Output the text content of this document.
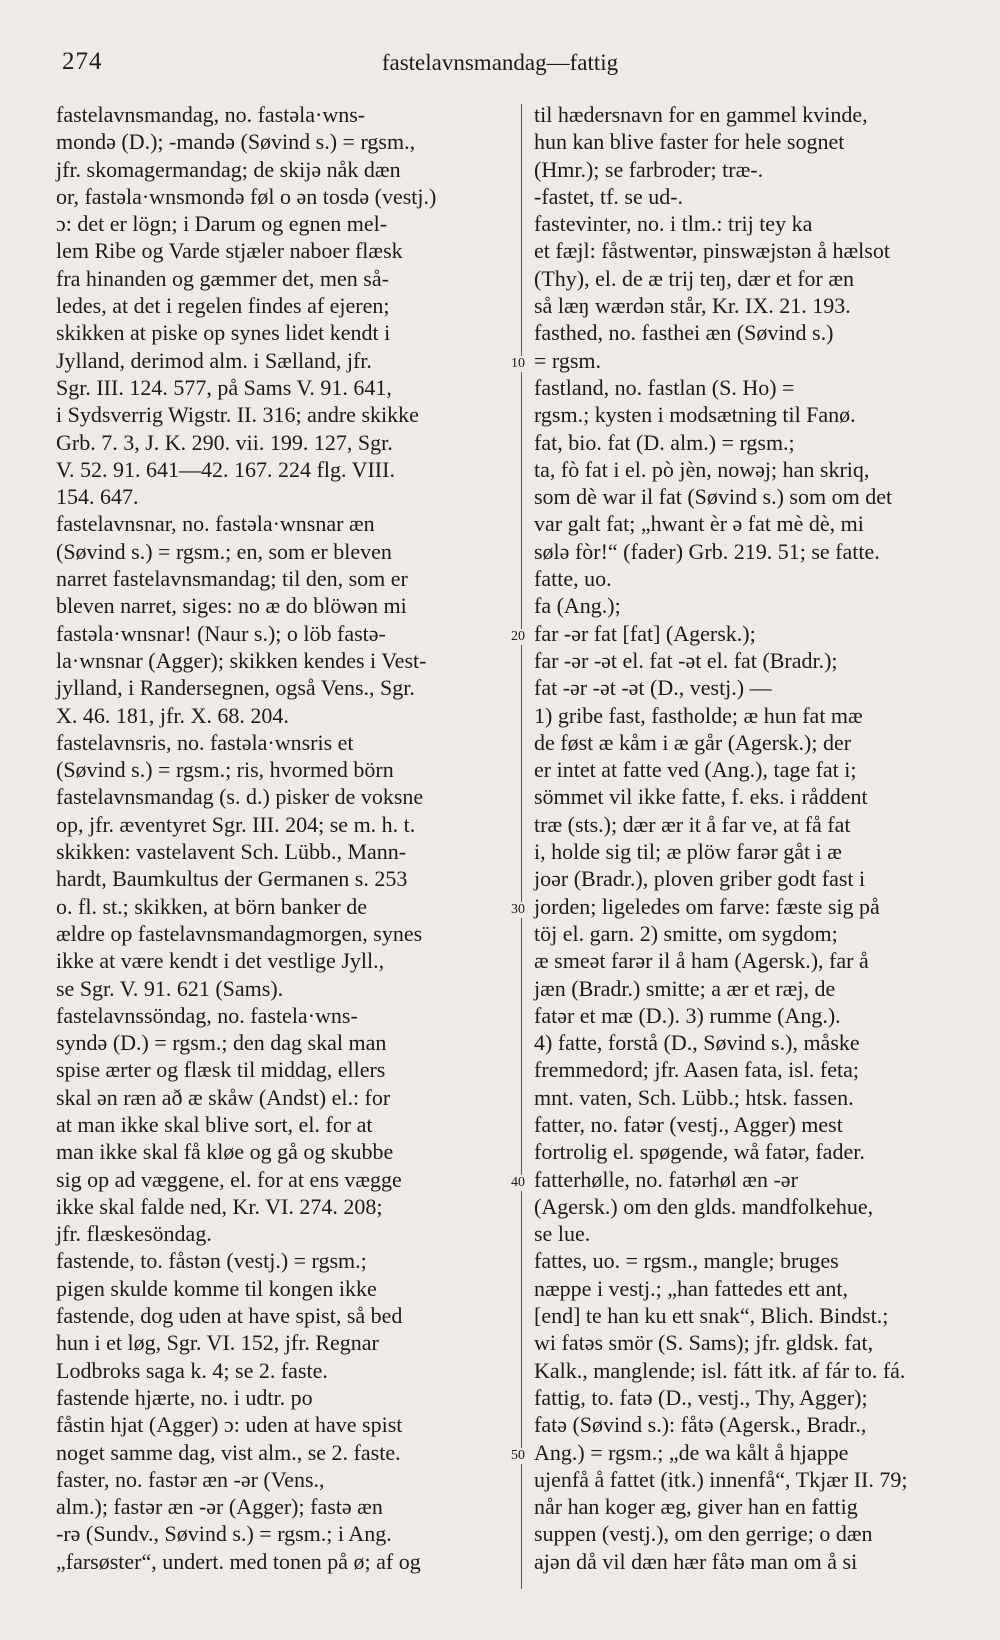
274	fastelavnsmandag—fattig
fastelavnsmandag, no. fastəla·wns-
mondə (D.); -mandə (Søvind s.) = rgsm.,
jfr. skomagermandag; de skijə nåk dæn
or, fastəla·wnsmondə føl o ən tosdə (vestj.)
ɔ: det er lögn; i Darum og egnen mel-
lem Ribe og Varde stjæler naboer flæsk
fra hinanden og gæmmer det, men så-
ledes, at det i regelen findes af ejeren;
skikken at piske op synes lidet kendt i
Jylland, derimod alm. i Sælland, jfr.
Sgr. III. 124. 577, på Sams V. 91. 641,
i Sydsverrig Wigstr. II. 316; andre skikke
Grb. 7. 3, J. K. 290. vii. 199. 127, Sgr.
V. 52. 91. 641—42. 167. 224 flg. VIII.
154. 647.
fastelavnsnar, no. fastəla·wnsnar æn
(Søvind s.) = rgsm.; en, som er bleven
narret fastelavnsmandag; til den, som er
bleven narret, siges: no æ do blöwən mi
fastəla·wnsnar! (Naur s.); o löb fastə-
la·wnsnar (Agger); skikken kendes i Vest-
jylland, i Randersegnen, også Vens., Sgr.
X. 46. 181, jfr. X. 68. 204.
fastelavnsris, no. fastəla·wnsris et
(Søvind s.) = rgsm.; ris, hvormed börn
fastelavnsmandag (s. d.) pisker de voksne
op, jfr. æventyret Sgr. III. 204; se m. h. t.
skikken: vastelavent Sch. Lübb., Mann-
hardt, Baumkultus der Germanen s. 253
o. fl. st.; skikken, at börn banker de
ældre op fastelavnsmandagmorgen, synes
ikke at være kendt i det vestlige Jyll.,
se Sgr. V. 91. 621 (Sams).
fastelavnssöndag, no. fastela·wns-
syndə (D.) = rgsm.; den dag skal man
spise ærter og flæsk til middag, ellers
skal ən ræn að æ skåw (Andst) el.: for
at man ikke skal blive sort, el. for at
man ikke skal få kløe og gå og skubbe
sig op ad væggene, el. for at ens vægge
ikke skal falde ned, Kr. VI. 274. 208;
jfr. flæskesöndag.
fastende, to. fåstən (vestj.) = rgsm.;
pigen skulde komme til kongen ikke
fastende, dog uden at have spist, så bed
hun i et løg, Sgr. VI. 152, jfr. Regnar
Lodbroks saga k. 4; se 2. faste.
fastende hjærte, no. i udtr. po
fåstin hjat (Agger) ɔ: uden at have spist
noget samme dag, vist alm., se 2. faste.
faster, no. fastər æn -ər (Vens.,
alm.); fastər æn -ər (Agger); fastə æn
-rə (Sundv., Søvind s.) = rgsm.; i Ang.
„farsøster“, undert. med tonen på ø; af og
til hædersnavn for en gammel kvinde,
hun kan blive faster for hele sognet
(Hmr.); se farbroder; træ-.
-fastet, tf. se ud-.
fastevinter, no. i tlm.: trij tey ka
et fæjl: fåstwentər, pinswæjstən å hælsot
(Thy), el. de æ trij teŋ, dær et for æn
så læŋ wærdən står, Kr. IX. 21. 193.
fasthed, no. fasthei æn (Søvind s.)
= rgsm.
fastland, no. fastlan (S. Ho) =
rgsm.; kysten i modsætning til Fanø.
fat, bio. fat (D. alm.) = rgsm.;
ta, fò fat i el. pò jèn, nowəj; han skriq,
som dè war il fat (Søvind s.) som om det
var galt fat; „hwant èr ə fat mè dè, mi
sølə fòr!“ (fader) Grb. 219. 51; se fatte.
fatte, uo.
fa (Ang.);
far -ər fat [fat] (Agersk.);
far -ər -ət el. fat -ət el. fat (Bradr.);
fat -ər -ət -ət (D., vestj.) —
1) gribe fast, fastholde; æ hun fat mæ
de føst æ kåm i æ går (Agersk.); der
er intet at fatte ved (Ang.), tage fat i;
sömmet vil ikke fatte, f. eks. i råddent
træ (sts.); dær ær it å far ve, at få fat
i, holde sig til; æ plöw farər gåt i æ
joər (Bradr.), ploven griber godt fast i
jorden; ligeledes om farve: fæste sig på
töj el. garn. 2) smitte, om sygdom;
æ smeət farər il å ham (Agersk.), far å
jæn (Bradr.) smitte; a ær et ræj, de
fatər et mæ (D.). 3) rumme (Ang.).
4) fatte, forstå (D., Søvind s.), måske
fremmedord; jfr. Aasen fata, isl. feta;
mnt. vaten, Sch. Lübb.; htsk. fassen.
fatter, no. fatər (vestj., Agger) mest
fortrolig el. spøgende, wå fatər, fader.
fatterhølle, no. fatərhøl æn -ər
(Agersk.) om den glds. mandfolkehue,
se lue.
fattes, uo. = rgsm., mangle; bruges
næppe i vestj.; „han fattedes ett ant,
[end] te han ku ett snak“, Blich. Bindst.;
wi fatəs smör (S. Sams); jfr. gldsk. fat,
Kalk., manglende; isl. fátt itk. af fár to. fá.
fattig, to. fatə (D., vestj., Thy, Agger);
fatə (Søvind s.): fåtə (Agersk., Bradr.,
Ang.) = rgsm.; „de wa kålt å hjappe
ujenfå å fattet (itk.) innenfå“, Tkjær II. 79;
når han koger æg, giver han en fattig
suppen (vestj.), om den gerrige; o dæn
ajən då vil dæn hær fåtə man om å si
10
20
30
40
50
